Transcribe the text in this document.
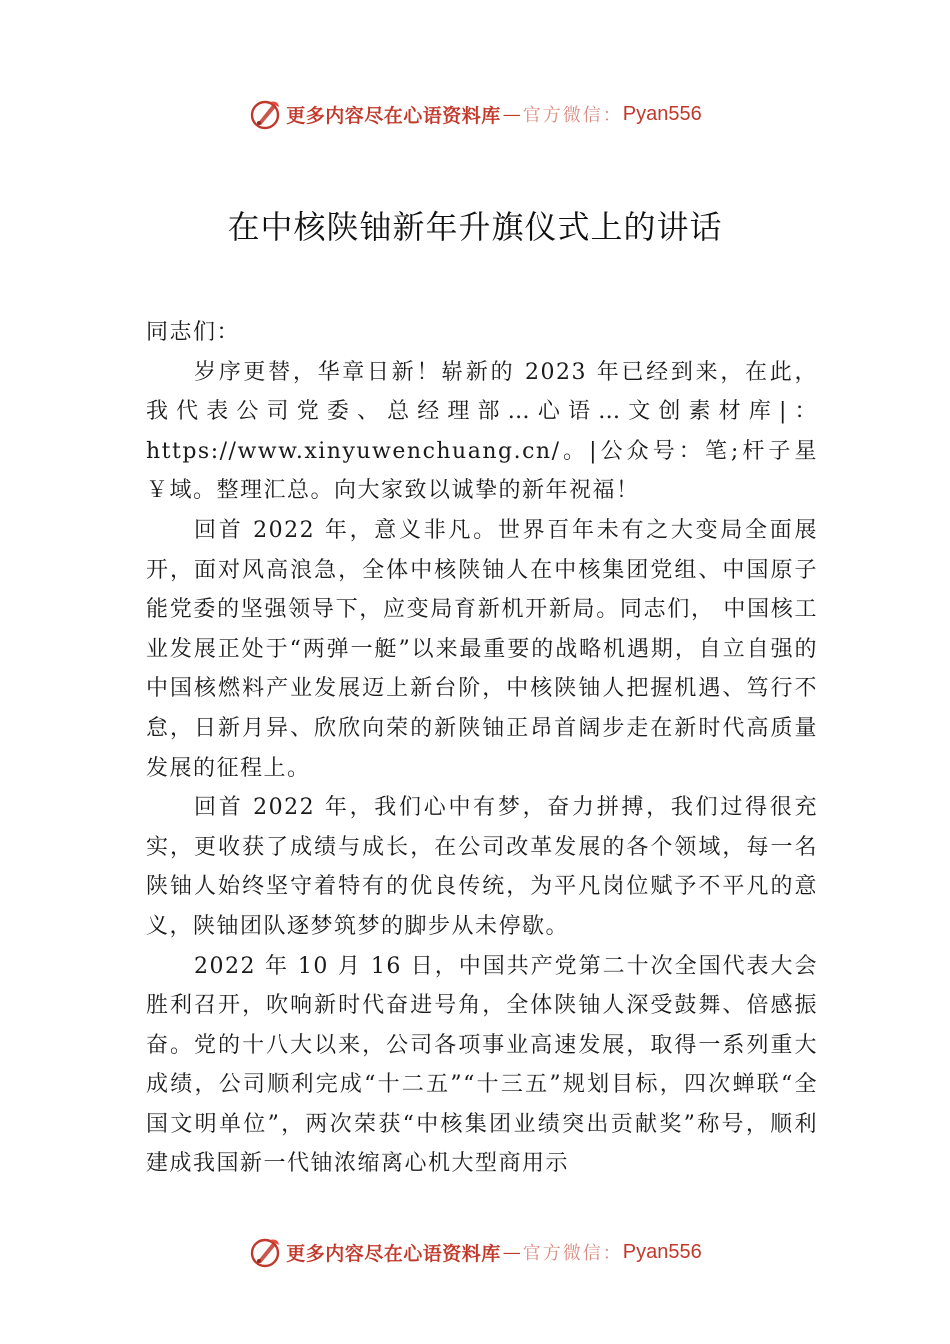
更多内容尽在心语资料库 — 官方微信： Pyan556
在中核陕铀新年升旗仪式上的讲话

同志们：

岁序更替，华章日新！崭新的 2023 年已经到来，在此， 我代表公司党委、总经理部…心语…文创素材库|：https://www.xinyuwenchuang.cn/。|公众号：笔;杆子星￥域。整理汇总。向大家致以诚挚的新年祝福！

回首 2022 年，意义非凡。世界百年未有之大变局全面展开，面对风高浪急，全体中核陕铀人在中核集团党组、中国原子能党委的坚强领导下，应变局育新机开新局。同志们， 中国核工业发展正处于“两弹一艇”以来最重要的战略机遇期，自立自强的中国核燃料产业发展迈上新台阶，中核陕铀人把握机遇、笃行不怠，日新月异、欣欣向荣的新陕铀正昂首阔步走在新时代高质量发展的征程上。

回首 2022 年，我们心中有梦，奋力拼搏，我们过得很充实，更收获了成绩与成长，在公司改革发展的各个领域，每一名陕铀人始终坚守着特有的优良传统，为平凡岗位赋予不平凡的意义，陕铀团队逐梦筑梦的脚步从未停歇。

2022 年 10 月 16 日，中国共产党第二十次全国代表大会胜利召开，吹响新时代奋进号角，全体陕铀人深受鼓舞、倍感振奋。党的十八大以来，公司各项事业高速发展，取得一系列重大成绩，公司顺利完成“十二五”“十三五”规划目标，四次蝉联“全国文明单位”，两次荣获“中核集团业绩突出贡献奖”称号，顺利建成我国新一代铀浓缩离心机大型商用示

更多内容尽在心语资料库 — 官方微信： Pyan556
